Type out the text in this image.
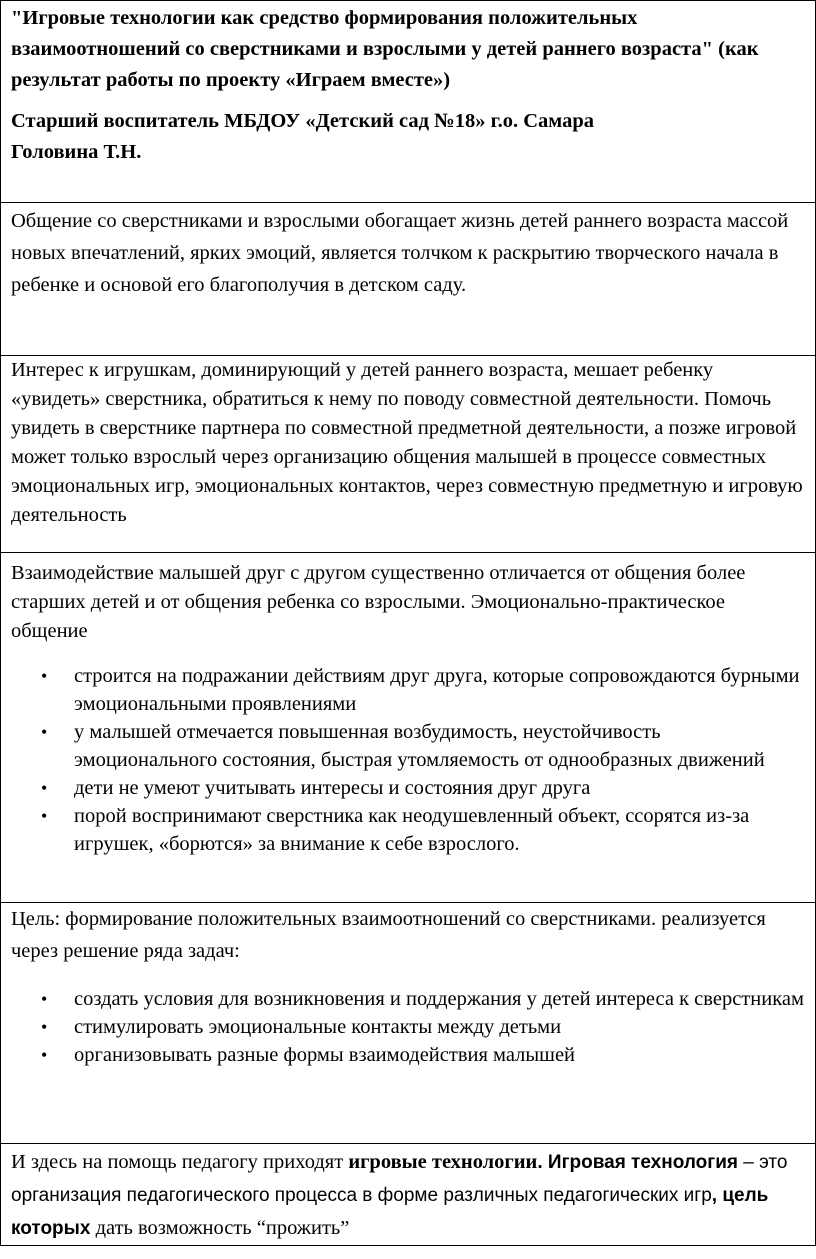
"Игровые технологии как средство формирования положительных взаимоотношений со сверстниками и взрослыми у детей раннего возраста" (как результат работы по проекту «Играем вместе»)

Старший воспитатель МБДОУ «Детский сад №18» г.о. Самара

Головина Т.Н.

Общение со сверстниками и взрослыми обогащает жизнь детей раннего возраста массой новых впечатлений, ярких эмоций, является толчком к раскрытию творческого начала в ребенке и основой его благополучия в детском саду.
Интерес к игрушкам, доминирующий у детей раннего возраста, мешает ребенку «увидеть» сверстника, обратиться к нему по поводу совместной деятельности. Помочь увидеть в сверстнике партнера по совместной предметной деятельности, а позже игровой может только взрослый через организацию общения малышей в процессе совместных эмоциональных игр, эмоциональных контактов, через совместную предметную и игровую деятельность

Взаимодействие малышей друг с другом существенно отличается от общения более старших детей и от общения ребенка со взрослыми. Эмоционально-практическое общение

• строится на подражании действиям друг друга, которые сопровождаются бурными эмоциональными проявлениями
• у малышей отмечается повышенная возбудимость, неустойчивость эмоционального состояния, быстрая утомляемость от однообразных движений
• дети не умеют учитывать интересы и состояния друг друга
• порой воспринимают сверстника как неодушевленный объект, ссорятся из-за игрушек, «борются» за внимание к себе взрослого.

Цель: формирование положительных взаимоотношений со сверстниками. реализуется через решение ряда задач:

• создать условия для возникновения и поддержания у детей интереса к сверстникам
• стимулировать эмоциональные контакты между детьми
• организовывать разные формы взаимодействия малышей

И здесь на помощь педагогу приходят игровые технологии. Игровая технология – это организация педагогического процесса в форме различных педагогических игр, цель которых дать возможность “прожить”
